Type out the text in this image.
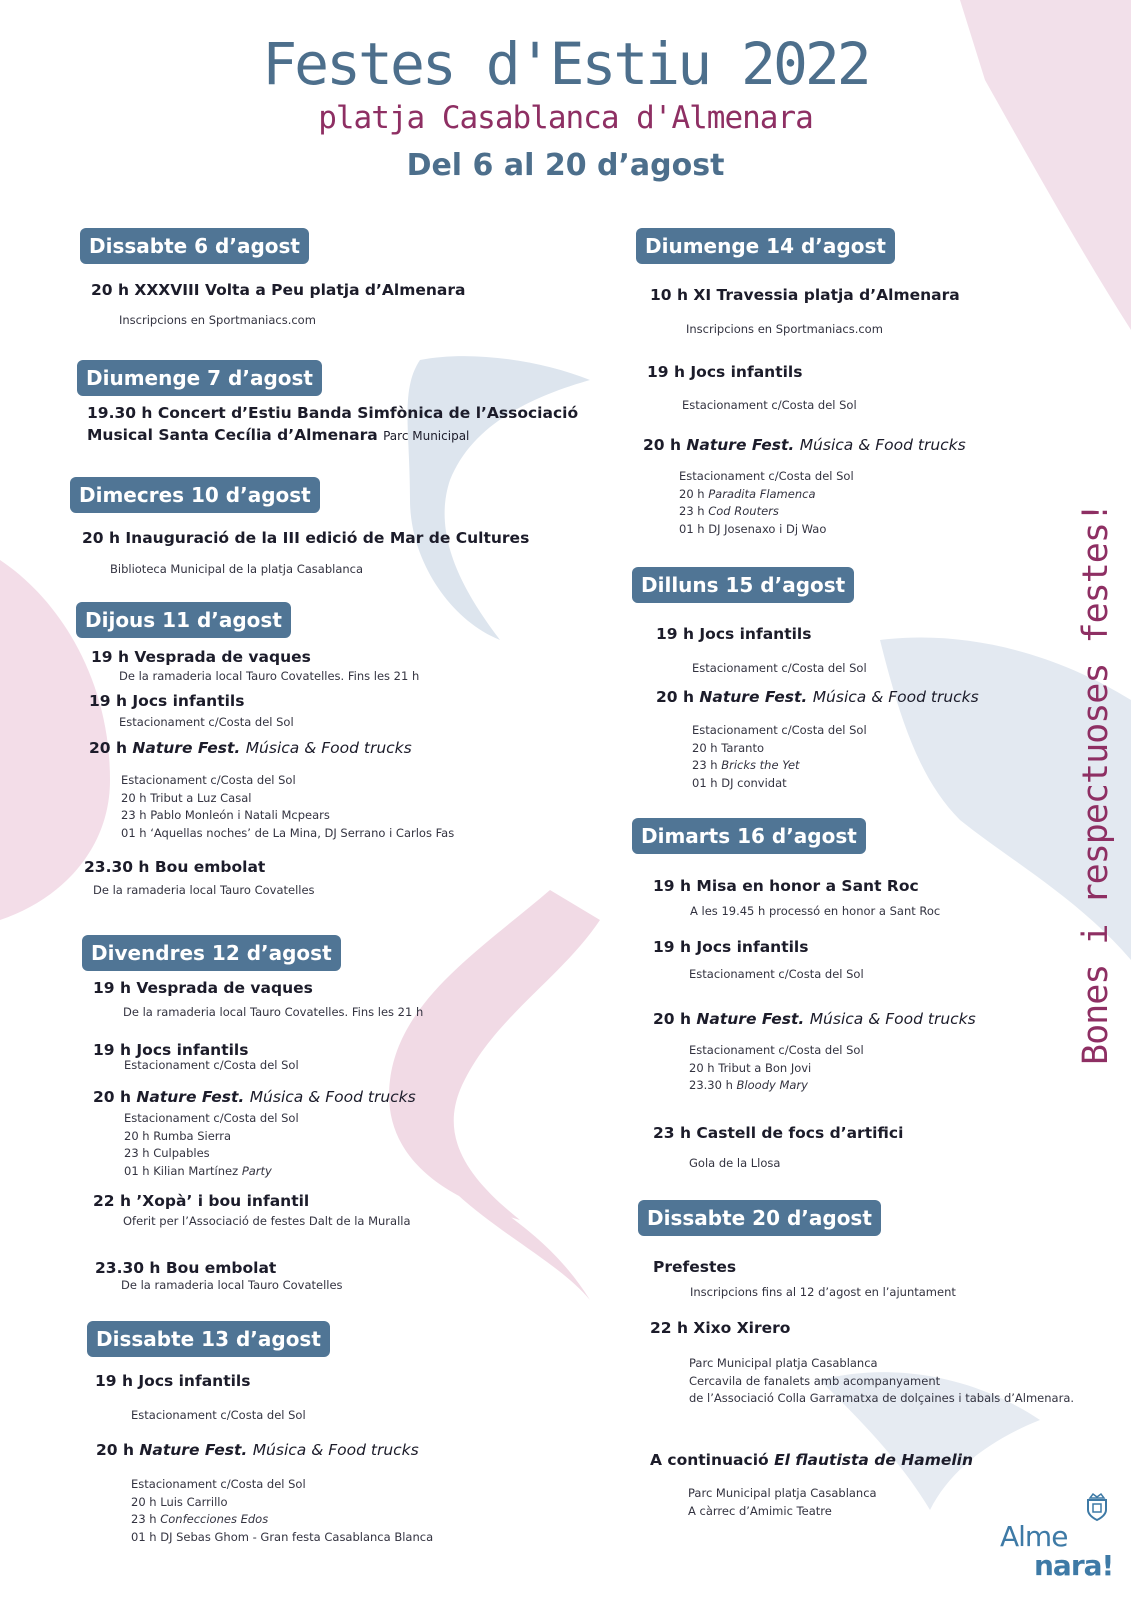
Festes d'Estiu 2022
platja Casablanca d'Almenara
Del 6 al 20 d’agost
Dissabte 6 d’agost
20 h XXXVIII Volta a Peu platja d’Almenara
Inscripcions en Sportmaniacs.com
Diumenge 7 d’agost
19.30 h Concert d’Estiu Banda Simfònica de l’Associació
Musical Santa Cecília d’Almenara Parc Municipal
Dimecres 10 d’agost
20 h Inauguració de la III edició de Mar de Cultures
Biblioteca Municipal de la platja Casablanca
Dijous 11 d’agost
19 h Vesprada de vaques
De la ramaderia local Tauro Covatelles. Fins les 21 h
19 h Jocs infantils
Estacionament c/Costa del Sol
20 h Nature Fest. Música & Food trucks
Estacionament c/Costa del Sol
20 h Tribut a Luz Casal
23 h Pablo Monleón i Natali Mcpears
01 h ‘Aquellas noches’ de La Mina, DJ Serrano i Carlos Fas
23.30 h Bou embolat
De la ramaderia local Tauro Covatelles
Divendres 12 d’agost
19 h Vesprada de vaques
De la ramaderia local Tauro Covatelles. Fins les 21 h
19 h Jocs infantils
Estacionament c/Costa del Sol
20 h Nature Fest. Música & Food trucks
Estacionament c/Costa del Sol
20 h Rumba Sierra
23 h Culpables
01 h Kilian Martínez Party
22 h ’Xopà’ i bou infantil
Oferit per l’Associació de festes Dalt de la Muralla
23.30 h Bou embolat
De la ramaderia local Tauro Covatelles
Dissabte 13 d’agost
19 h Jocs infantils
Estacionament c/Costa del Sol
20 h Nature Fest. Música & Food trucks
Estacionament c/Costa del Sol
20 h Luis Carrillo
23 h Confecciones Edos
01 h DJ Sebas Ghom - Gran festa Casablanca Blanca
Diumenge 14 d’agost
10 h XI Travessia platja d’Almenara
Inscripcions en Sportmaniacs.com
19 h Jocs infantils
Estacionament c/Costa del Sol
20 h Nature Fest. Música & Food trucks
Estacionament c/Costa del Sol
20 h Paradita Flamenca
23 h Cod Routers
01 h DJ Josenaxo i Dj Wao
Dilluns 15 d’agost
19 h Jocs infantils
Estacionament c/Costa del Sol
20 h Nature Fest. Música & Food trucks
Estacionament c/Costa del Sol
20 h Taranto
23 h Bricks the Yet
01 h DJ convidat
Dimarts 16 d’agost
19 h Misa en honor a Sant Roc
A les 19.45 h processó en honor a Sant Roc
19 h Jocs infantils
Estacionament c/Costa del Sol
20 h Nature Fest. Música & Food trucks
Estacionament c/Costa del Sol
20 h Tribut a Bon Jovi
23.30 h Bloody Mary
23 h Castell de focs d’artifici
Gola de la Llosa
Dissabte 20 d’agost
Prefestes
Inscripcions fins al 12 d’agost en l’ajuntament
22 h Xixo Xirero
Parc Municipal platja Casablanca
Cercavila de fanalets amb acompanyament
de l’Associació Colla Garramatxa de dolçaines i tabals d’Almenara.
A continuació El flautista de Hamelin
Parc Municipal platja Casablanca
A càrrec d’Amimic Teatre
Bones i respectuoses festes!
Alme
nara!
